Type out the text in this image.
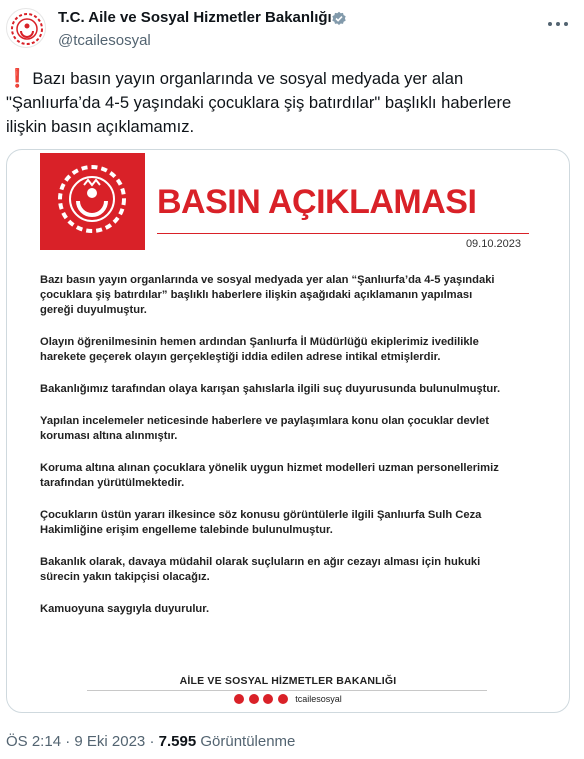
T.C. Aile ve Sosyal Hizmetler Bakanlığı
@tcailesosyal
❗ Bazı basın yayın organlarında ve sosyal medyada yer alan
"Şanlıurfa’da 4-5 yaşındaki çocuklara şiş batırdılar" başlıklı haberlere
ilişkin basın açıklamamız.
BASIN AÇIKLAMASI
09.10.2023

Bazı basın yayın organlarında ve sosyal medyada yer alan “Şanlıurfa’da 4-5 yaşındaki
çocuklara şiş batırdılar” başlıklı haberlere ilişkin aşağıdaki açıklamanın yapılması
gereği duyulmuştur.

Olayın öğrenilmesinin hemen ardından Şanlıurfa İl Müdürlüğü ekiplerimiz ivedilikle
harekete geçerek olayın gerçekleştiği iddia edilen adrese intikal etmişlerdir.

Bakanlığımız tarafından olaya karışan şahıslarla ilgili suç duyurusunda bulunulmuştur.

Yapılan incelemeler neticesinde haberlere ve paylaşımlara konu olan çocuklar devlet
koruması altına alınmıştır.

Koruma altına alınan çocuklara yönelik uygun hizmet modelleri uzman personellerimiz
tarafından yürütülmektedir.

Çocukların üstün yararı ilkesince söz konusu görüntülerle ilgili Şanlıurfa Sulh Ceza
Hakimliğine erişim engelleme talebinde bulunulmuştur.

Bakanlık olarak, davaya müdahil olarak suçluların en ağır cezayı alması için hukuki
sürecin yakın takipçisi olacağız.

Kamuoyuna saygıyla duyurulur.

AİLE VE SOSYAL HİZMETLER BAKANLIĞI
tcailesosyal
ÖS 2:14 · 9 Eki 2023 · 7.595 Görüntülenme
